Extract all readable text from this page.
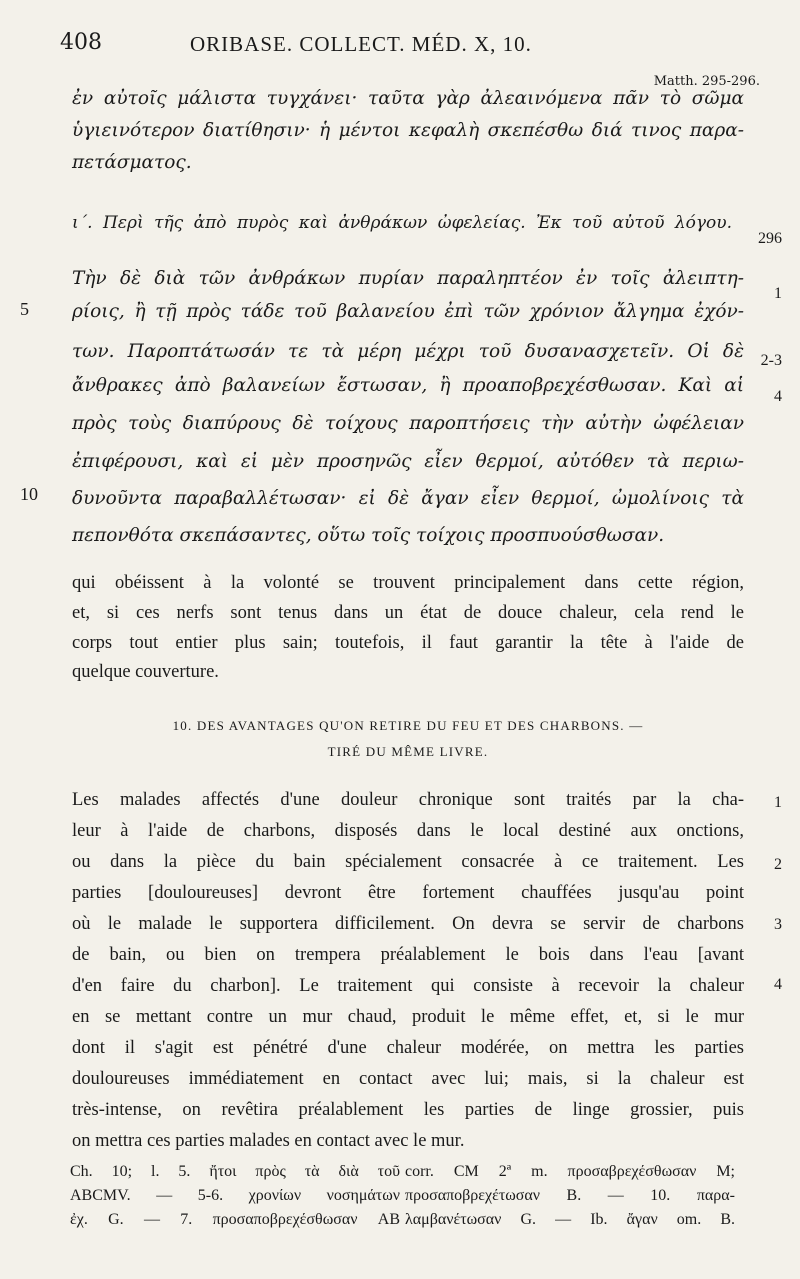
408	ORIBASE. COLLECT. MÉD. X, 10.
Matth. 295-296.
ἐν αὐτοῖς μάλιστα τυγχάνει· ταῦτα γὰρ ἀλεαινόμενα πᾶν τὸ σῶμα
ὑγιεινότερον διατίθησιν· ἡ μέντοι κεφαλὴ σκεπέσθω διά τινος παρα-
πετάσματος.
ι΄. Περὶ τῆς ἀπὸ πυρὸς καὶ ἀνθράκων ὠφελείας. Ἐκ τοῦ αὐτοῦ λόγου.
296
Τὴν δὲ διὰ τῶν ἀνθράκων πυρίαν παραληπτέον ἐν τοῖς ἀλειπτη-
1
5 ρίοις, ἢ τῇ πρὸς τάδε τοῦ βαλανείου ἐπὶ τῶν χρόνιον ἄλγημα ἐχόν-
των. Παροπτάτωσάν τε τὰ μέρη μέχρι τοῦ δυσανασχετεῖν. Οἱ δὲ 2-3
ἄνθρακες ἀπὸ βαλανείων ἔστωσαν, ἢ προαποβρεχέσθωσαν. Καὶ αἱ
4
πρὸς τοὺς διαπύρους δὲ τοίχους παροπτήσεις τὴν αὐτὴν ὠφέλειαν
ἐπιφέρουσι, καὶ εἰ μὲν προσηνῶς εἶεν θερμοί, αὐτόθεν τὰ περιω-
10 δυνοῦντα παραβαλλέτωσαν· εἰ δὲ ἄγαν εἶεν θερμοί, ὠμολίνοις τὰ
πεπονθότα σκεπάσαντες, οὕτω τοῖς τοίχοις προσπυούσθωσαν.
qui obéissent à la volonté se trouvent principalement dans cette région,
et, si ces nerfs sont tenus dans un état de douce chaleur, cela rend le
corps tout entier plus sain; toutefois, il faut garantir la tête à l'aide de
quelque couverture.
10. DES AVANTAGES QU'ON RETIRE DU FEU ET DES CHARBONS. —
TIRÉ DU MÊME LIVRE.
Les malades affectés d'une douleur chronique sont traités par la cha- 1
leur à l'aide de charbons, disposés dans le local destiné aux onctions,
ou dans la pièce du bain spécialement consacrée à ce traitement. Les 2
parties [douloureuses] devront être fortement chauffées jusqu'au point
où le malade le supportera difficilement. On devra se servir de charbons 3
de bain, ou bien on trempera préalablement le bois dans l'eau [avant
d'en faire du charbon]. Le traitement qui consiste à recevoir la chaleur 4
en se mettant contre un mur chaud, produit le même effet, et, si le mur
dont il s'agit est pénétré d'une chaleur modérée, on mettra les parties
douloureuses immédiatement en contact avec lui; mais, si la chaleur est
très-intense, on revêtira préalablement les parties de linge grossier, puis
on mettra ces parties malades en contact avec le mur.
Ch. 10; l. 5. ἤτοι πρὸς τὰ διὰ τοῦ
ABCMV. — 5-6. χρονίων νοσημάτων
ἐχ. G. — 7. προσαποβρεχέσθωσαν AB
corr. CM 2ª m. προσαβρεχέσθωσαν M;
προσαποβρεχέτωσαν B. — 10. παρα-
λαμβανέτωσαν G. — Ib. ἄγαν om. B.
